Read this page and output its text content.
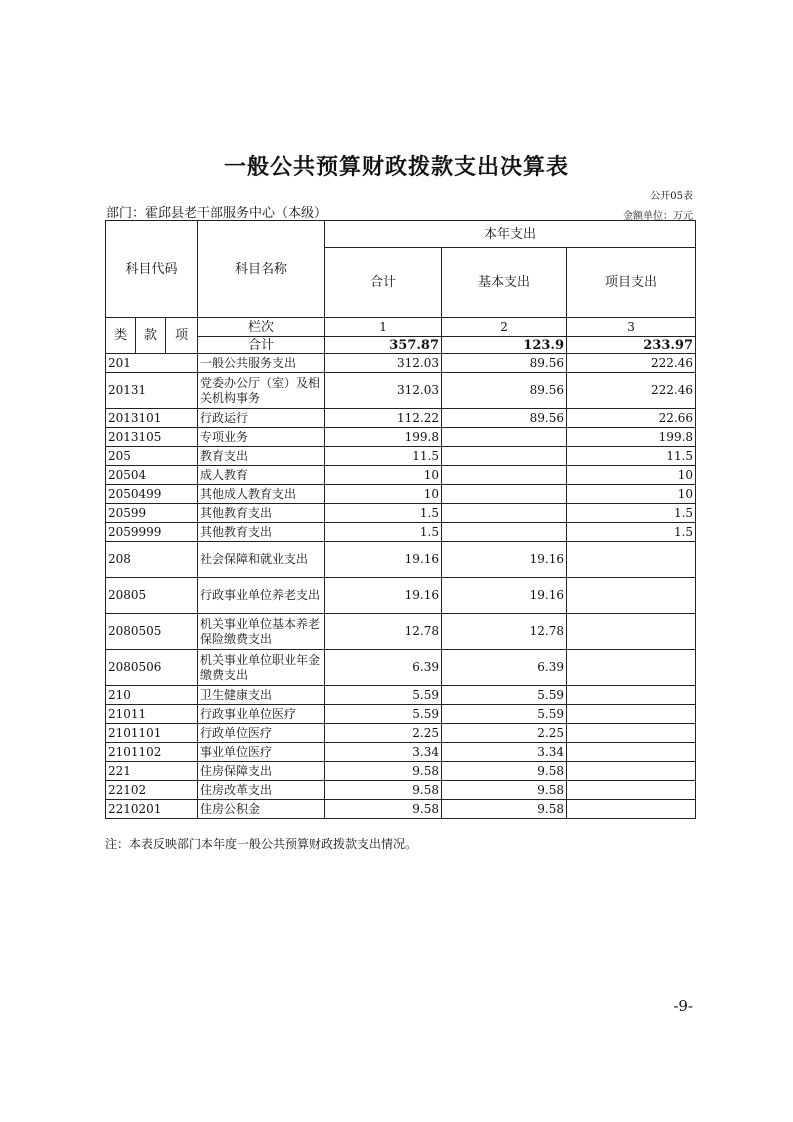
一般公共预算财政拨款支出决算表
公开05表
部门：霍邱县老干部服务中心（本级）	金额单位：万元
科目代码			科目名称	本年支出		
				合计	基本支出	项目支出
类	款	项	栏次	1	2	3
			合计	357.87	123.9	233.97
201			一般公共服务支出	312.03	89.56	222.46
20131			党委办公厅（室）及相关机构事务	312.03	89.56	222.46
2013101			行政运行	112.22	89.56	22.66
2013105			专项业务	199.8		199.8
205			教育支出	11.5		11.5
20504			成人教育	10		10
2050499			其他成人教育支出	10		10
20599			其他教育支出	1.5		1.5
2059999			其他教育支出	1.5		1.5
208			社会保障和就业支出	19.16	19.16	
20805			行政事业单位养老支出	19.16	19.16	
2080505			机关事业单位基本养老保险缴费支出	12.78	12.78	
2080506			机关事业单位职业年金缴费支出	6.39	6.39	
210			卫生健康支出	5.59	5.59	
21011			行政事业单位医疗	5.59	5.59	
2101101			行政单位医疗	2.25	2.25	
2101102			事业单位医疗	3.34	3.34	
221			住房保障支出	9.58	9.58	
22102			住房改革支出	9.58	9.58	
2210201			住房公积金	9.58	9.58	
注：本表反映部门本年度一般公共预算财政拨款支出情况。
-9-
